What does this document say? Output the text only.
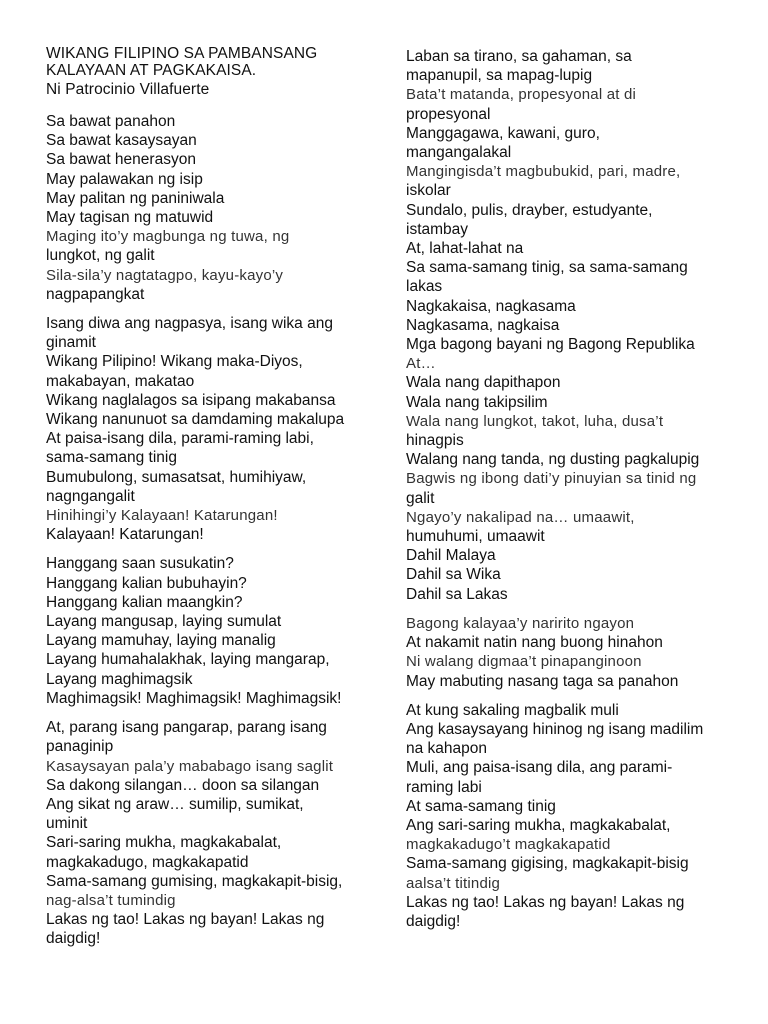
WIKANG FILIPINO SA PAMBANSANG

KALAYAAN AT PAGKAKAISA.

Ni Patrocinio Villafuerte

Sa bawat panahon
Sa bawat kasaysayan
Sa bawat henerasyon
May palawakan ng isip
May palitan ng paniniwala
May tagisan ng matuwid
Maging ito’y magbunga ng tuwa, ng
lungkot, ng galit
Sila-sila’y nagtatagpo, kayu-kayo’y
nagpapangkat
Isang diwa ang nagpasya, isang wika ang
ginamit
Wikang Pilipino! Wikang maka-Diyos,
makabayan, makatao
Wikang naglalagos sa isipang makabansa
Wikang nanunuot sa damdaming makalupa
At paisa-isang dila, parami-raming labi,
sama-samang tinig
Bumubulong, sumasatsat, humihiyaw,
nagngangalit
Hinihingi’y Kalayaan! Katarungan!
Kalayaan! Katarungan!
Hanggang saan susukatin?
Hanggang kalian bubuhayin?
Hanggang kalian maangkin?
Layang mangusap, laying sumulat
Layang mamuhay, laying manalig
Layang humahalakhak, laying mangarap,
Layang maghimagsik
Maghimagsik! Maghimagsik! Maghimagsik!
At, parang isang pangarap, parang isang
panaginip
Kasaysayan pala’y mababago isang saglit
Sa dakong silangan… doon sa silangan
Ang sikat ng araw… sumilip, sumikat,
uminit
Sari-saring mukha, magkakabalat,
magkakadugo, magkakapatid
Sama-samang gumising, magkakapit-bisig,
nag-alsa’t tumindig
Lakas ng tao! Lakas ng bayan! Lakas ng
daigdig!
Laban sa tirano, sa gahaman, sa
mapanupil, sa mapag-lupig
Bata’t matanda, propesyonal at di
propesyonal
Manggagawa, kawani, guro,
mangangalakal
Mangingisda’t magbubukid, pari, madre,
iskolar
Sundalo, pulis, drayber, estudyante,
istambay
At, lahat-lahat na
Sa sama-samang tinig, sa sama-samang
lakas
Nagkakaisa, nagkasama
Nagkasama, nagkaisa
Mga bagong bayani ng Bagong Republika
At…
Wala nang dapithapon
Wala nang takipsilim
Wala nang lungkot, takot, luha, dusa’t
hinagpis
Walang nang tanda, ng dusting pagkalupig
Bagwis ng ibong dati’y pinuyian sa tinid ng
galit
Ngayo’y nakalipad na… umaawit,
humuhumi, umaawit
Dahil Malaya
Dahil sa Wika
Dahil sa Lakas
Bagong kalayaa’y naririto ngayon
At nakamit natin nang buong hinahon
Ni walang digmaa’t pinapanginoon
May mabuting nasang taga sa panahon
At kung sakaling magbalik muli
Ang kasaysayang hininog ng isang madilim
na kahapon
Muli, ang paisa-isang dila, ang parami-
raming labi
At sama-samang tinig
Ang sari-saring mukha, magkakabalat,
magkakadugo’t magkakapatid
Sama-samang gigising, magkakapit-bisig
aalsa’t titindig
Lakas ng tao! Lakas ng bayan! Lakas ng
daigdig!
